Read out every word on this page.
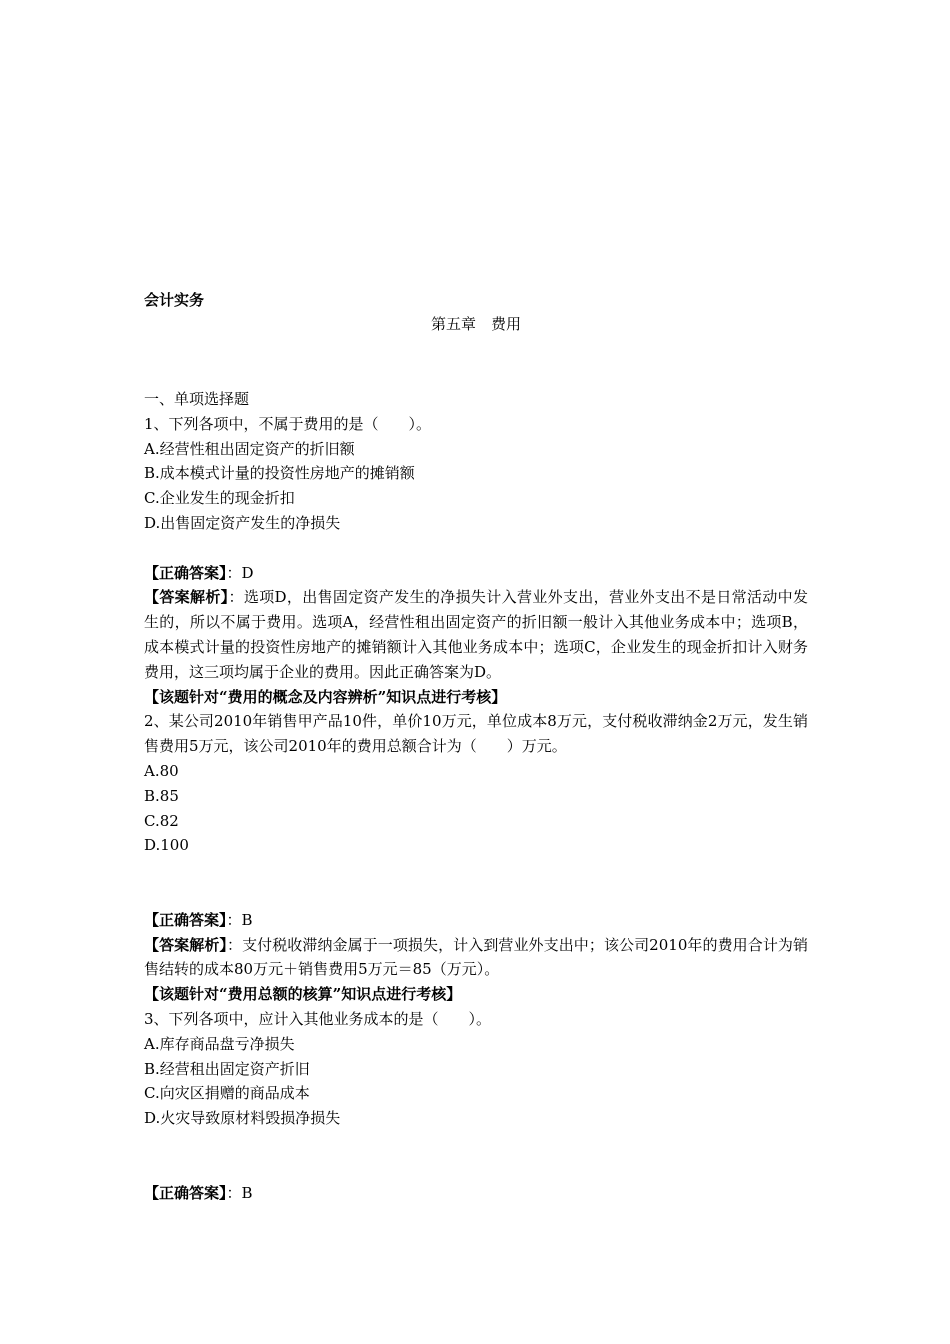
会计实务
第五章　费用
一、单项选择题
1、下列各项中，不属于费用的是（　　）。
A.经营性租出固定资产的折旧额
B.成本模式计量的投资性房地产的摊销额
C.企业发生的现金折扣
D.出售固定资产发生的净损失
【正确答案】：D
【答案解析】：选项D，出售固定资产发生的净损失计入营业外支出，营业外支出不是日常活动中发生的，所以不属于费用。选项A，经营性租出固定资产的折旧额一般计入其他业务成本中；选项B，成本模式计量的投资性房地产的摊销额计入其他业务成本中；选项C，企业发生的现金折扣计入财务费用，这三项均属于企业的费用。因此正确答案为D。
【该题针对“费用的概念及内容辨析”知识点进行考核】
2、某公司2010年销售甲产品10件，单价10万元，单位成本8万元，支付税收滞纳金2万元，发生销售费用5万元，该公司2010年的费用总额合计为（　　）万元。
A.80
B.85
C.82
D.100
【正确答案】：B
【答案解析】：支付税收滞纳金属于一项损失，计入到营业外支出中；该公司2010年的费用合计为销售结转的成本80万元＋销售费用5万元＝85（万元）。
【该题针对“费用总额的核算”知识点进行考核】
3、下列各项中，应计入其他业务成本的是（　　）。
A.库存商品盘亏净损失
B.经营租出固定资产折旧
C.向灾区捐赠的商品成本
D.火灾导致原材料毁损净损失
【正确答案】：B
